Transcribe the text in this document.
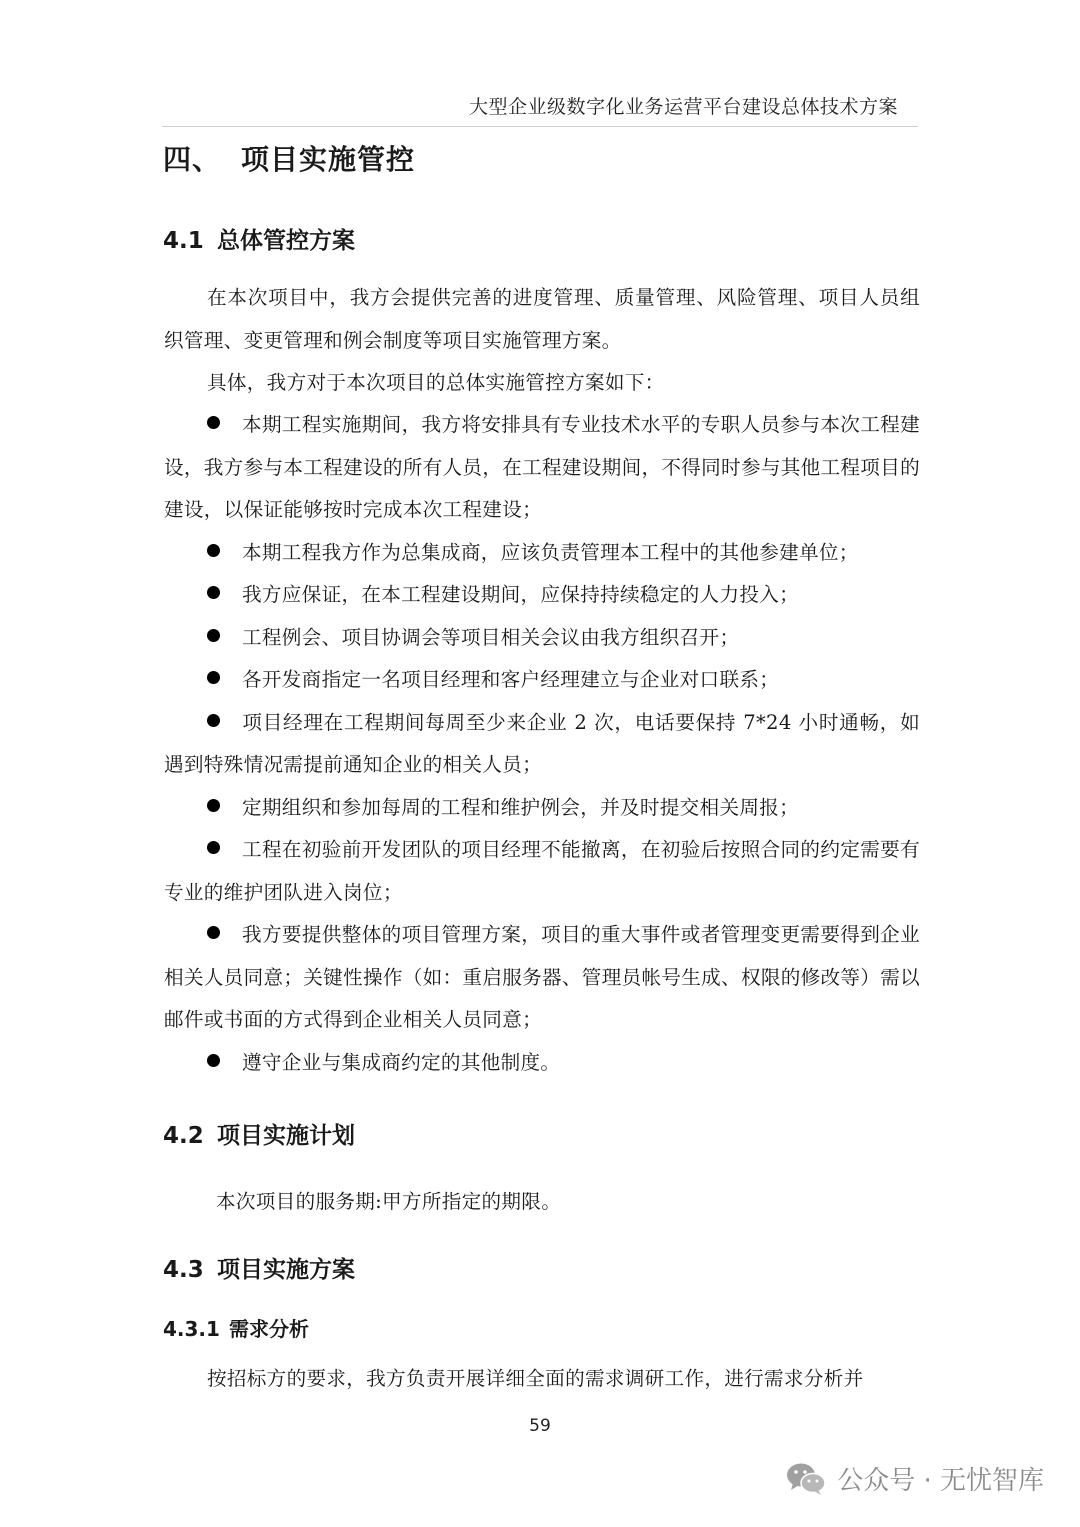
大型企业级数字化业务运营平台建设总体技术方案
四、 项目实施管控
4.1 总体管控方案
在本次项目中，我方会提供完善的进度管理、质量管理、风险管理、项目人员组织管理、变更管理和例会制度等项目实施管理方案。
具体，我方对于本次项目的总体实施管控方案如下：
本期工程实施期间，我方将安排具有专业技术水平的专职人员参与本次工程建设，我方参与本工程建设的所有人员，在工程建设期间，不得同时参与其他工程项目的建设，以保证能够按时完成本次工程建设；
本期工程我方作为总集成商，应该负责管理本工程中的其他参建单位；
我方应保证，在本工程建设期间，应保持持续稳定的人力投入；
工程例会、项目协调会等项目相关会议由我方组织召开；
各开发商指定一名项目经理和客户经理建立与企业对口联系；
项目经理在工程期间每周至少来企业 2 次，电话要保持 7*24 小时通畅，如遇到特殊情况需提前通知企业的相关人员；
定期组织和参加每周的工程和维护例会，并及时提交相关周报；
工程在初验前开发团队的项目经理不能撤离，在初验后按照合同的约定需要有专业的维护团队进入岗位；
我方要提供整体的项目管理方案，项目的重大事件或者管理变更需要得到企业相关人员同意；关键性操作（如：重启服务器、管理员帐号生成、权限的修改等）需以邮件或书面的方式得到企业相关人员同意；
遵守企业与集成商约定的其他制度。
4.2 项目实施计划
本次项目的服务期:甲方所指定的期限。
4.3 项目实施方案
4.3.1 需求分析
按招标方的要求，我方负责开展详细全面的需求调研工作，进行需求分析并
59
公众号 · 无忧智库
